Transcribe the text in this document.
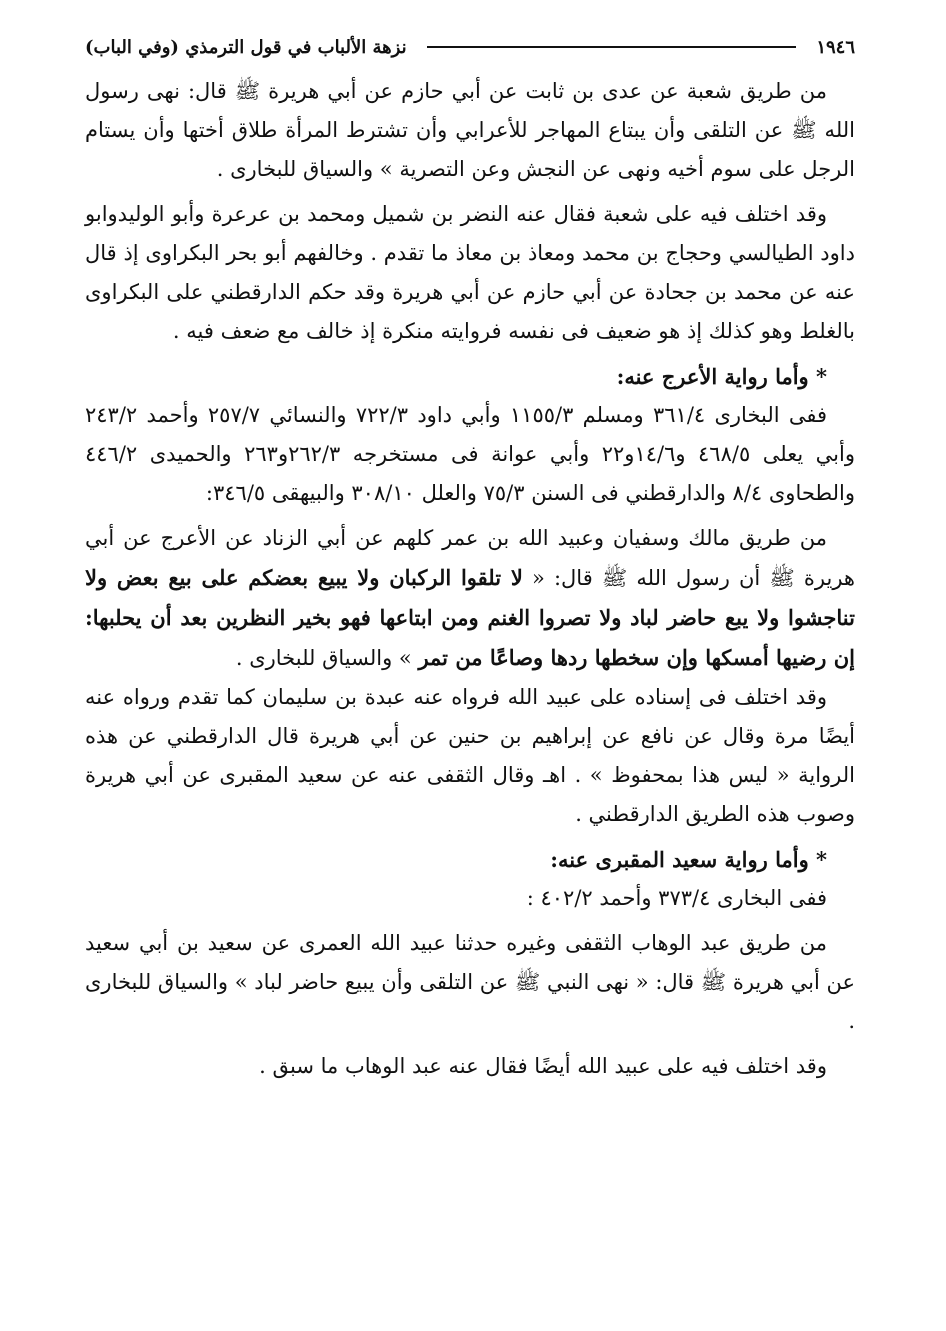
١٩٤٦
نزهة الألباب في قول الترمذي (وفي الباب)

من طريق شعبة عن عدى بن ثابت عن أبي حازم عن أبي هريرة ﷺ قال: نهى رسول الله ﷺ عن التلقى وأن يبتاع المهاجر للأعرابي وأن تشترط المرأة طلاق أختها وأن يستام الرجل على سوم أخيه ونهى عن النجش وعن التصرية » والسياق للبخارى .

وقد اختلف فيه على شعبة فقال عنه النضر بن شميل ومحمد بن عرعرة وأبو الوليدوابو داود الطيالسي وحجاج بن محمد ومعاذ بن معاذ ما تقدم . وخالفهم أبو بحر البكراوى إذ قال عنه عن محمد بن جحادة عن أبي حازم عن أبي هريرة وقد حكم الدارقطني على البكراوى بالغلط وهو كذلك إذ هو ضعيف فى نفسه فروايته منكرة إذ خالف مع ضعف فيه .

* وأما رواية الأعرج عنه:

ففى البخارى ٣٦١/٤ ومسلم ١١٥٥/٣ وأبي داود ٧٢٢/٣ والنسائي ٢٥٧/٧ وأحمد ٢٤٣/٢ وأبي يعلى ٤٦٨/٥ و١٤/٦و٢٢ وأبي عوانة فى مستخرجه ٢٦٢/٣و٢٦٣ والحميدى ٤٤٦/٢ والطحاوى ٨/٤ والدارقطني فى السنن ٧٥/٣ والعلل ٣٠٨/١٠ والبيهقى ٣٤٦/٥:

من طريق مالك وسفيان وعبيد الله بن عمر كلهم عن أبي الزناد عن الأعرج عن أبي هريرة ﷺ أن رسول الله ﷺ قال: « لا تلقوا الركبان ولا يبيع بعضكم على بيع بعض ولا تناجشوا ولا يبع حاضر لباد ولا تصروا الغنم ومن ابتاعها فهو بخير النظرين بعد أن يحلبها: إن رضيها أمسكها وإن سخطها ردها وصاعًا من تمر » والسياق للبخارى .

وقد اختلف فى إسناده على عبيد الله فرواه عنه عبدة بن سليمان كما تقدم ورواه عنه أيضًا مرة وقال عن نافع عن إبراهيم بن حنين عن أبي هريرة قال الدارقطني عن هذه الرواية « ليس هذا بمحفوظ » . اهـ وقال الثقفى عنه عن سعيد المقبرى عن أبي هريرة وصوب هذه الطريق الدارقطني .

* وأما رواية سعيد المقبرى عنه:

ففى البخارى ٣٧٣/٤ وأحمد ٤٠٢/٢ :

من طريق عبد الوهاب الثقفى وغيره حدثنا عبيد الله العمرى عن سعيد بن أبي سعيد عن أبي هريرة ﷺ قال: « نهى النبي ﷺ عن التلقى وأن يبيع حاضر لباد » والسياق للبخارى .

وقد اختلف فيه على عبيد الله أيضًا فقال عنه عبد الوهاب ما سبق .
